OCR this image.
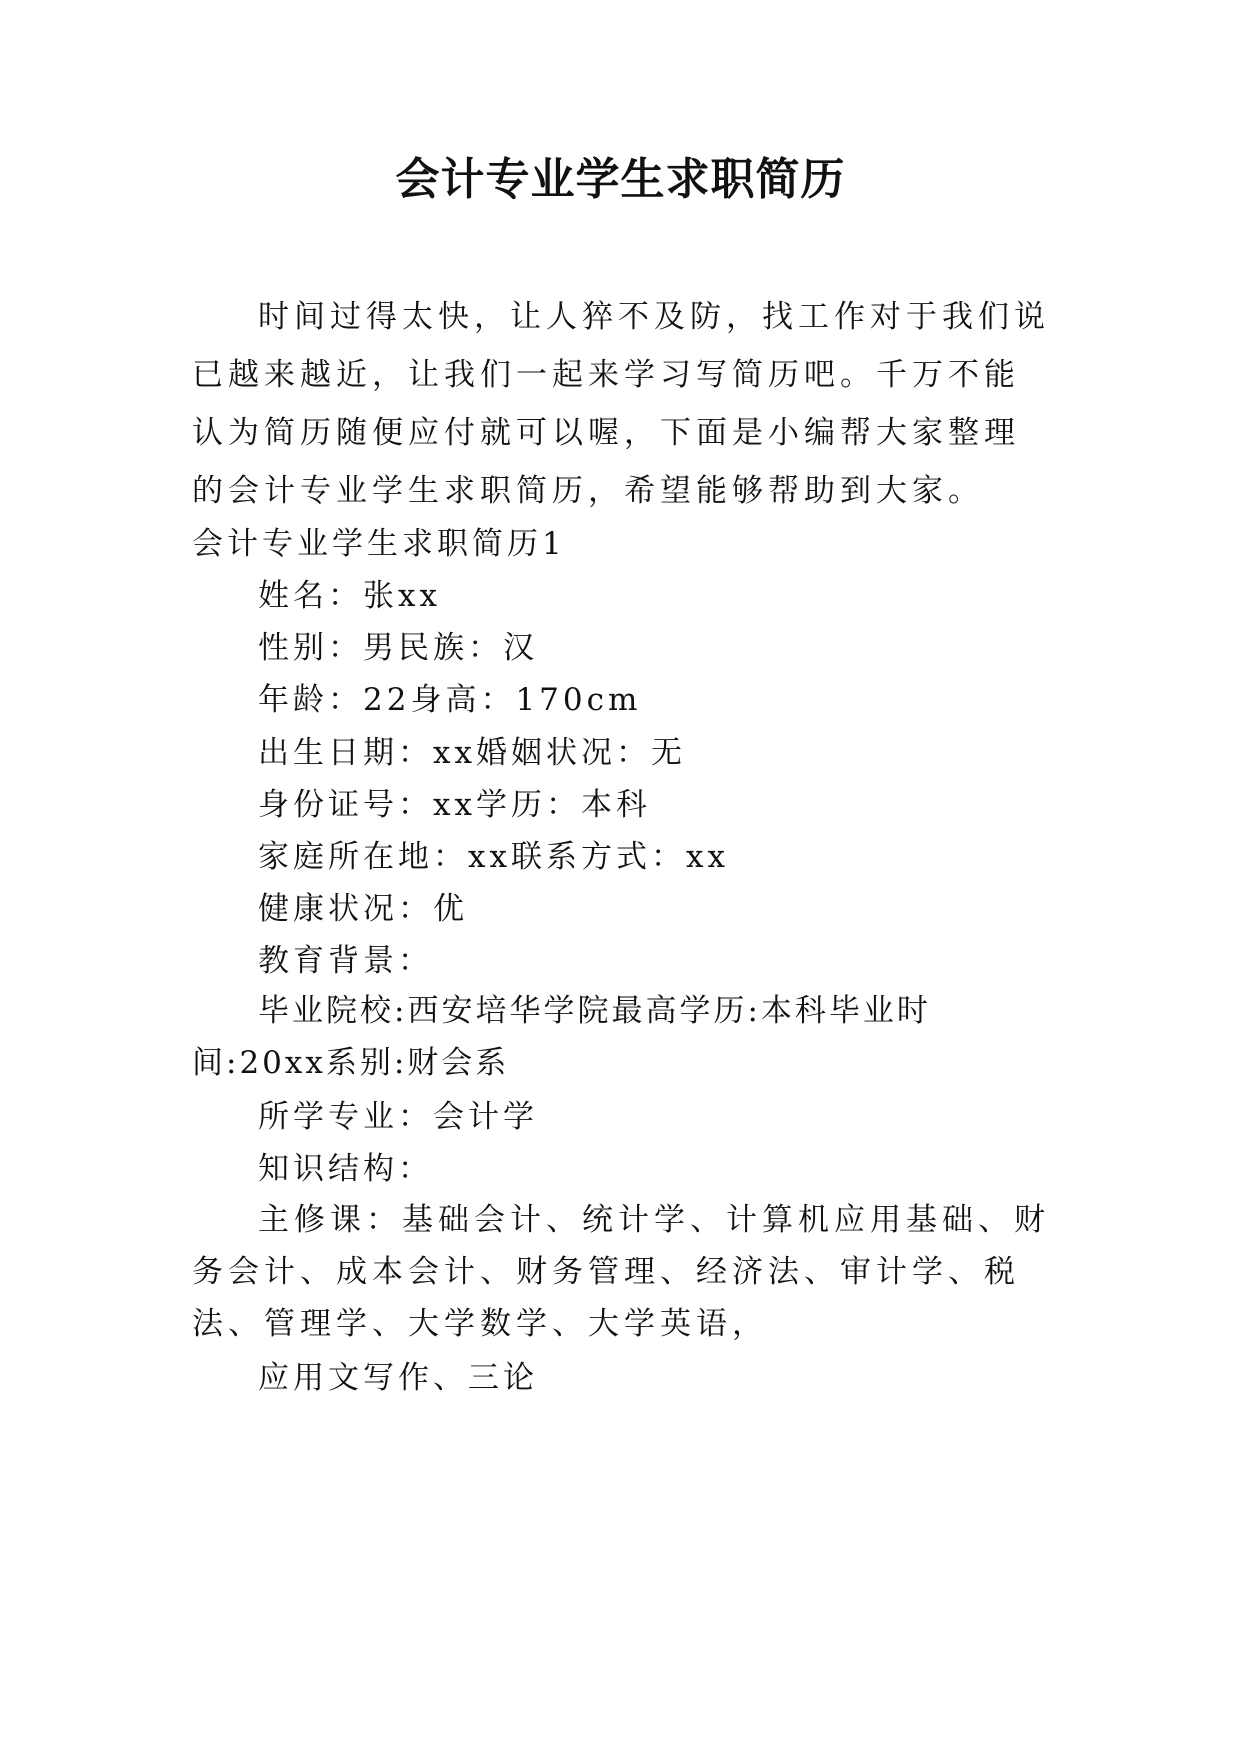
会计专业学生求职简历

时间过得太快，让人猝不及防，找工作对于我们说已越来越近，让我们一起来学习写简历吧。千万不能认为简历随便应付就可以喔，下面是小编帮大家整理的会计专业学生求职简历，希望能够帮助到大家。

会计专业学生求职简历1
姓名：张xx
性别：男民族：汉
年龄：22身高：170cm
出生日期：xx婚姻状况：无
身份证号：xx学历：本科
家庭所在地：xx联系方式：xx
健康状况：优
教育背景：

毕业院校:西安培华学院最高学历:本科毕业时间:20xx系别:财会系

所学专业：会计学
知识结构：

主修课：基础会计、统计学、计算机应用基础、财务会计、成本会计、财务管理、经济法、审计学、税法、管理学、大学数学、大学英语，

应用文写作、三论
